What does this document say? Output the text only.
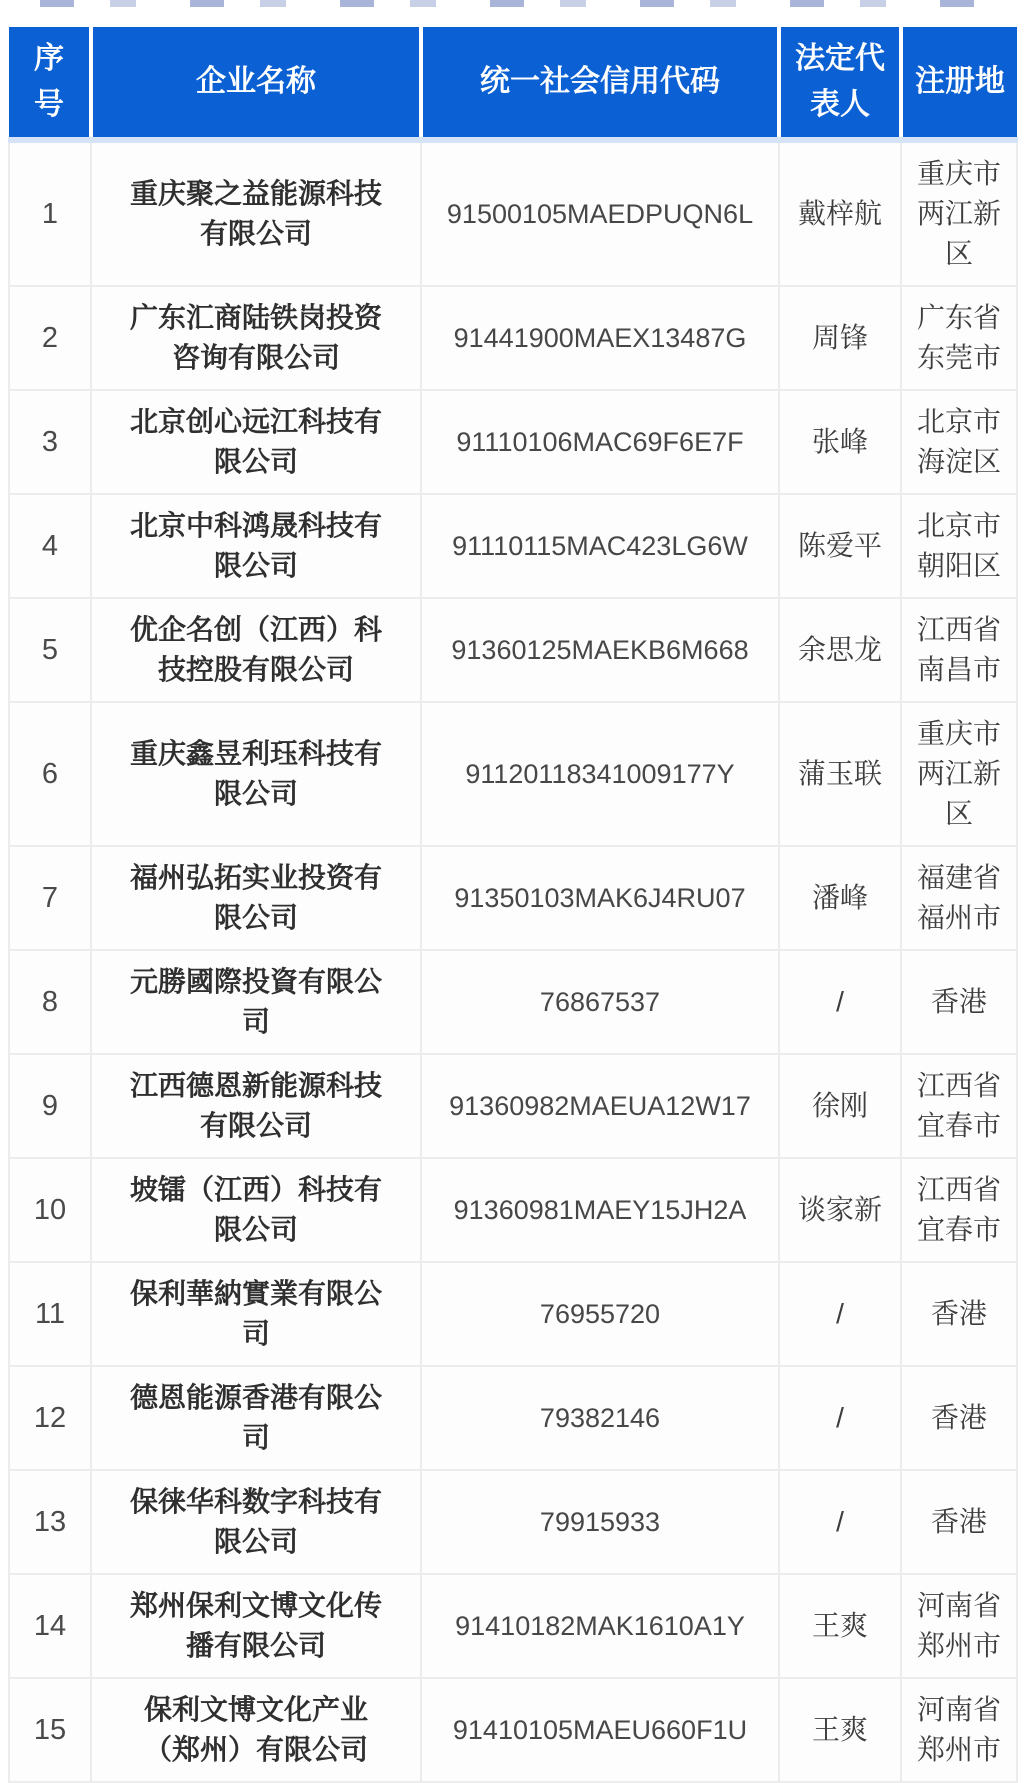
序号	企业名称	统一社会信用代码	法定代表人	注册地
1	重庆聚之益能源科技有限公司	91500105MAEDPUQN6L	戴梓航	重庆市两江新区
2	广东汇商陆铁岗投资咨询有限公司	91441900MAEX13487G	周锋	广东省东莞市
3	北京创心远江科技有限公司	91110106MAC69F6E7F	张峰	北京市海淀区
4	北京中科鸿晟科技有限公司	91110115MAC423LG6W	陈爱平	北京市朝阳区
5	优企名创（江西）科技控股有限公司	91360125MAEKB6M668	余思龙	江西省南昌市
6	重庆鑫昱利珏科技有限公司	91120118341009177Y	蒲玉联	重庆市两江新区
7	福州弘拓实业投资有限公司	91350103MAK6J4RU07	潘峰	福建省福州市
8	元勝國際投資有限公司	76867537	/	香港
9	江西德恩新能源科技有限公司	91360982MAEUA12W17	徐刚	江西省宜春市
10	坡镭（江西）科技有限公司	91360981MAEY15JH2A	谈家新	江西省宜春市
11	保利華納實業有限公司	76955720	/	香港
12	德恩能源香港有限公司	79382146	/	香港
13	保徕华科数字科技有限公司	79915933	/	香港
14	郑州保利文博文化传播有限公司	91410182MAK1610A1Y	王爽	河南省郑州市
15	保利文博文化产业（郑州）有限公司	91410105MAEU660F1U	王爽	河南省郑州市
